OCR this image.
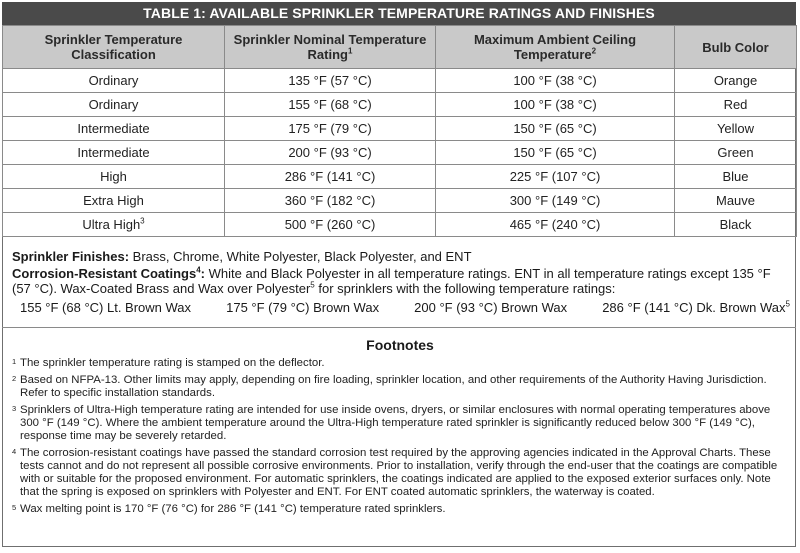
TABLE 1: AVAILABLE SPRINKLER TEMPERATURE RATINGS AND FINISHES
Sprinkler Temperature Classification	Sprinkler Nominal Temperature Rating$^1$	Maximum Ambient Ceiling Temperature$^2$	Bulb Color
Ordinary	135 °F (57 °C)	100 °F (38 °C)	Orange
Ordinary	155 °F (68 °C)	100 °F (38 °C)	Red
Intermediate	175 °F (79 °C)	150 °F (65 °C)	Yellow
Intermediate	200 °F (93 °C)	150 °F (65 °C)	Green
High	286 °F (141 °C)	225 °F (107 °C)	Blue
Extra High	360 °F (182 °C)	300 °F (149 °C)	Mauve
Ultra High$^3$	500 °F (260 °C)	465 °F (240 °C)	Black
Sprinkler Finishes: Brass, Chrome, White Polyester, Black Polyester, and ENT
Corrosion-Resistant Coatings$^4$: White and Black Polyester in all temperature ratings. ENT in all temperature ratings except 135 °F (57 °C). Wax-Coated Brass and Wax over Polyester$^5$ for sprinklers with the following temperature ratings:
155 °F (68 °C) Lt. Brown Wax	175 °F (79 °C) Brown Wax	200 °F (93 °C) Brown Wax	286 °F (141 °C) Dk. Brown Wax$^5$
Footnotes
1 The sprinkler temperature rating is stamped on the deflector.
2 Based on NFPA-13. Other limits may apply, depending on fire loading, sprinkler location, and other requirements of the Authority Having Jurisdiction. Refer to specific installation standards.
3 Sprinklers of Ultra-High temperature rating are intended for use inside ovens, dryers, or similar enclosures with normal operating temperatures above 300 °F (149 °C). Where the ambient temperature around the Ultra-High temperature rated sprinkler is significantly reduced below 300 °F (149 °C), response time may be severely retarded.
4 The corrosion-resistant coatings have passed the standard corrosion test required by the approving agencies indicated in the Approval Charts. These tests cannot and do not represent all possible corrosive environments. Prior to installation, verify through the end-user that the coatings are compatible with or suitable for the proposed environment. For automatic sprinklers, the coatings indicated are applied to the exposed exterior surfaces only. Note that the spring is exposed on sprinklers with Polyester and ENT. For ENT coated automatic sprinklers, the waterway is coated.
5 Wax melting point is 170 °F (76 °C) for 286 °F (141 °C) temperature rated sprinklers.
